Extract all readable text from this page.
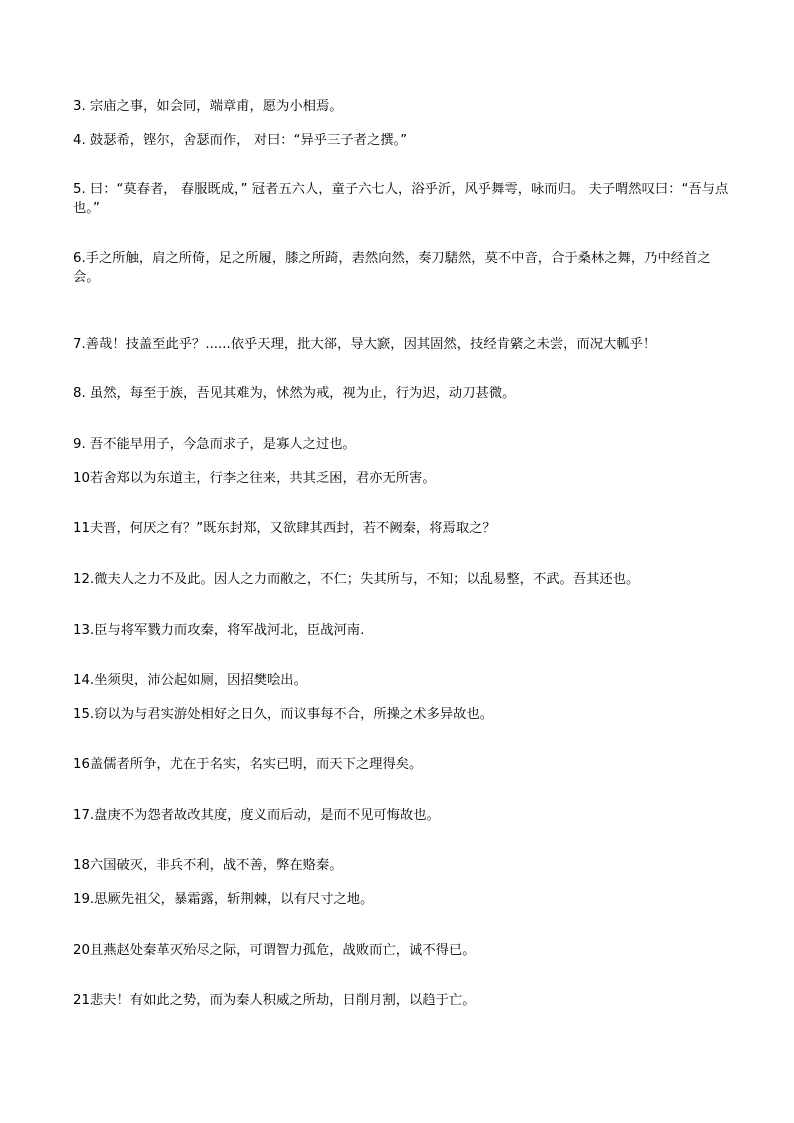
3. 宗庙之事，如会同，端章甫，愿为小相焉。
4. 鼓瑟希，铿尔，舍瑟而作， 对曰：“异乎三子者之撰。”
5. 曰：“莫春者， 春服既成，” 冠者五六人，童子六七人，浴乎沂，风乎舞雩，咏而归。 夫子喟然叹曰：“吾与点也。”
6.手之所触，肩之所倚，足之所履，膝之所踦，砉然向然，奏刀騞然，莫不中音，合于桑林之舞，乃中经首之会。
7.善哉！技盖至此乎？......依乎天理，批大郤，导大窾，因其固然，技经肯綮之未尝，而况大軱乎！
8. 虽然，每至于族，吾见其难为，怵然为戒，视为止，行为迟，动刀甚微。
9. 吾不能早用子，今急而求子，是寡人之过也。
10若舍郑以为东道主，行李之往来，共其乏困，君亦无所害。
11夫晋，何厌之有？”既东封郑，又欲肆其西封，若不阙秦，将焉取之？
12.微夫人之力不及此。因人之力而敝之，不仁；失其所与，不知；以乱易整，不武。吾其还也。
13.臣与将军戮力而攻秦，将军战河北，臣战河南.
14.坐须臾，沛公起如厕，因招樊哙出。
15.窃以为与君实游处相好之日久，而议事每不合，所操之术多异故也。
16盖儒者所争，尤在于名实，名实已明，而天下之理得矣。
17.盘庚不为怨者故改其度，度义而后动，是而不见可悔故也。
18六国破灭，非兵不利，战不善，弊在赂秦。
19.思厥先祖父，暴霜露，斩荆棘，以有尺寸之地。
20且燕赵处秦革灭殆尽之际，可谓智力孤危，战败而亡，诚不得已。
21悲夫！有如此之势，而为秦人积威之所劫，日削月割，以趋于亡。
